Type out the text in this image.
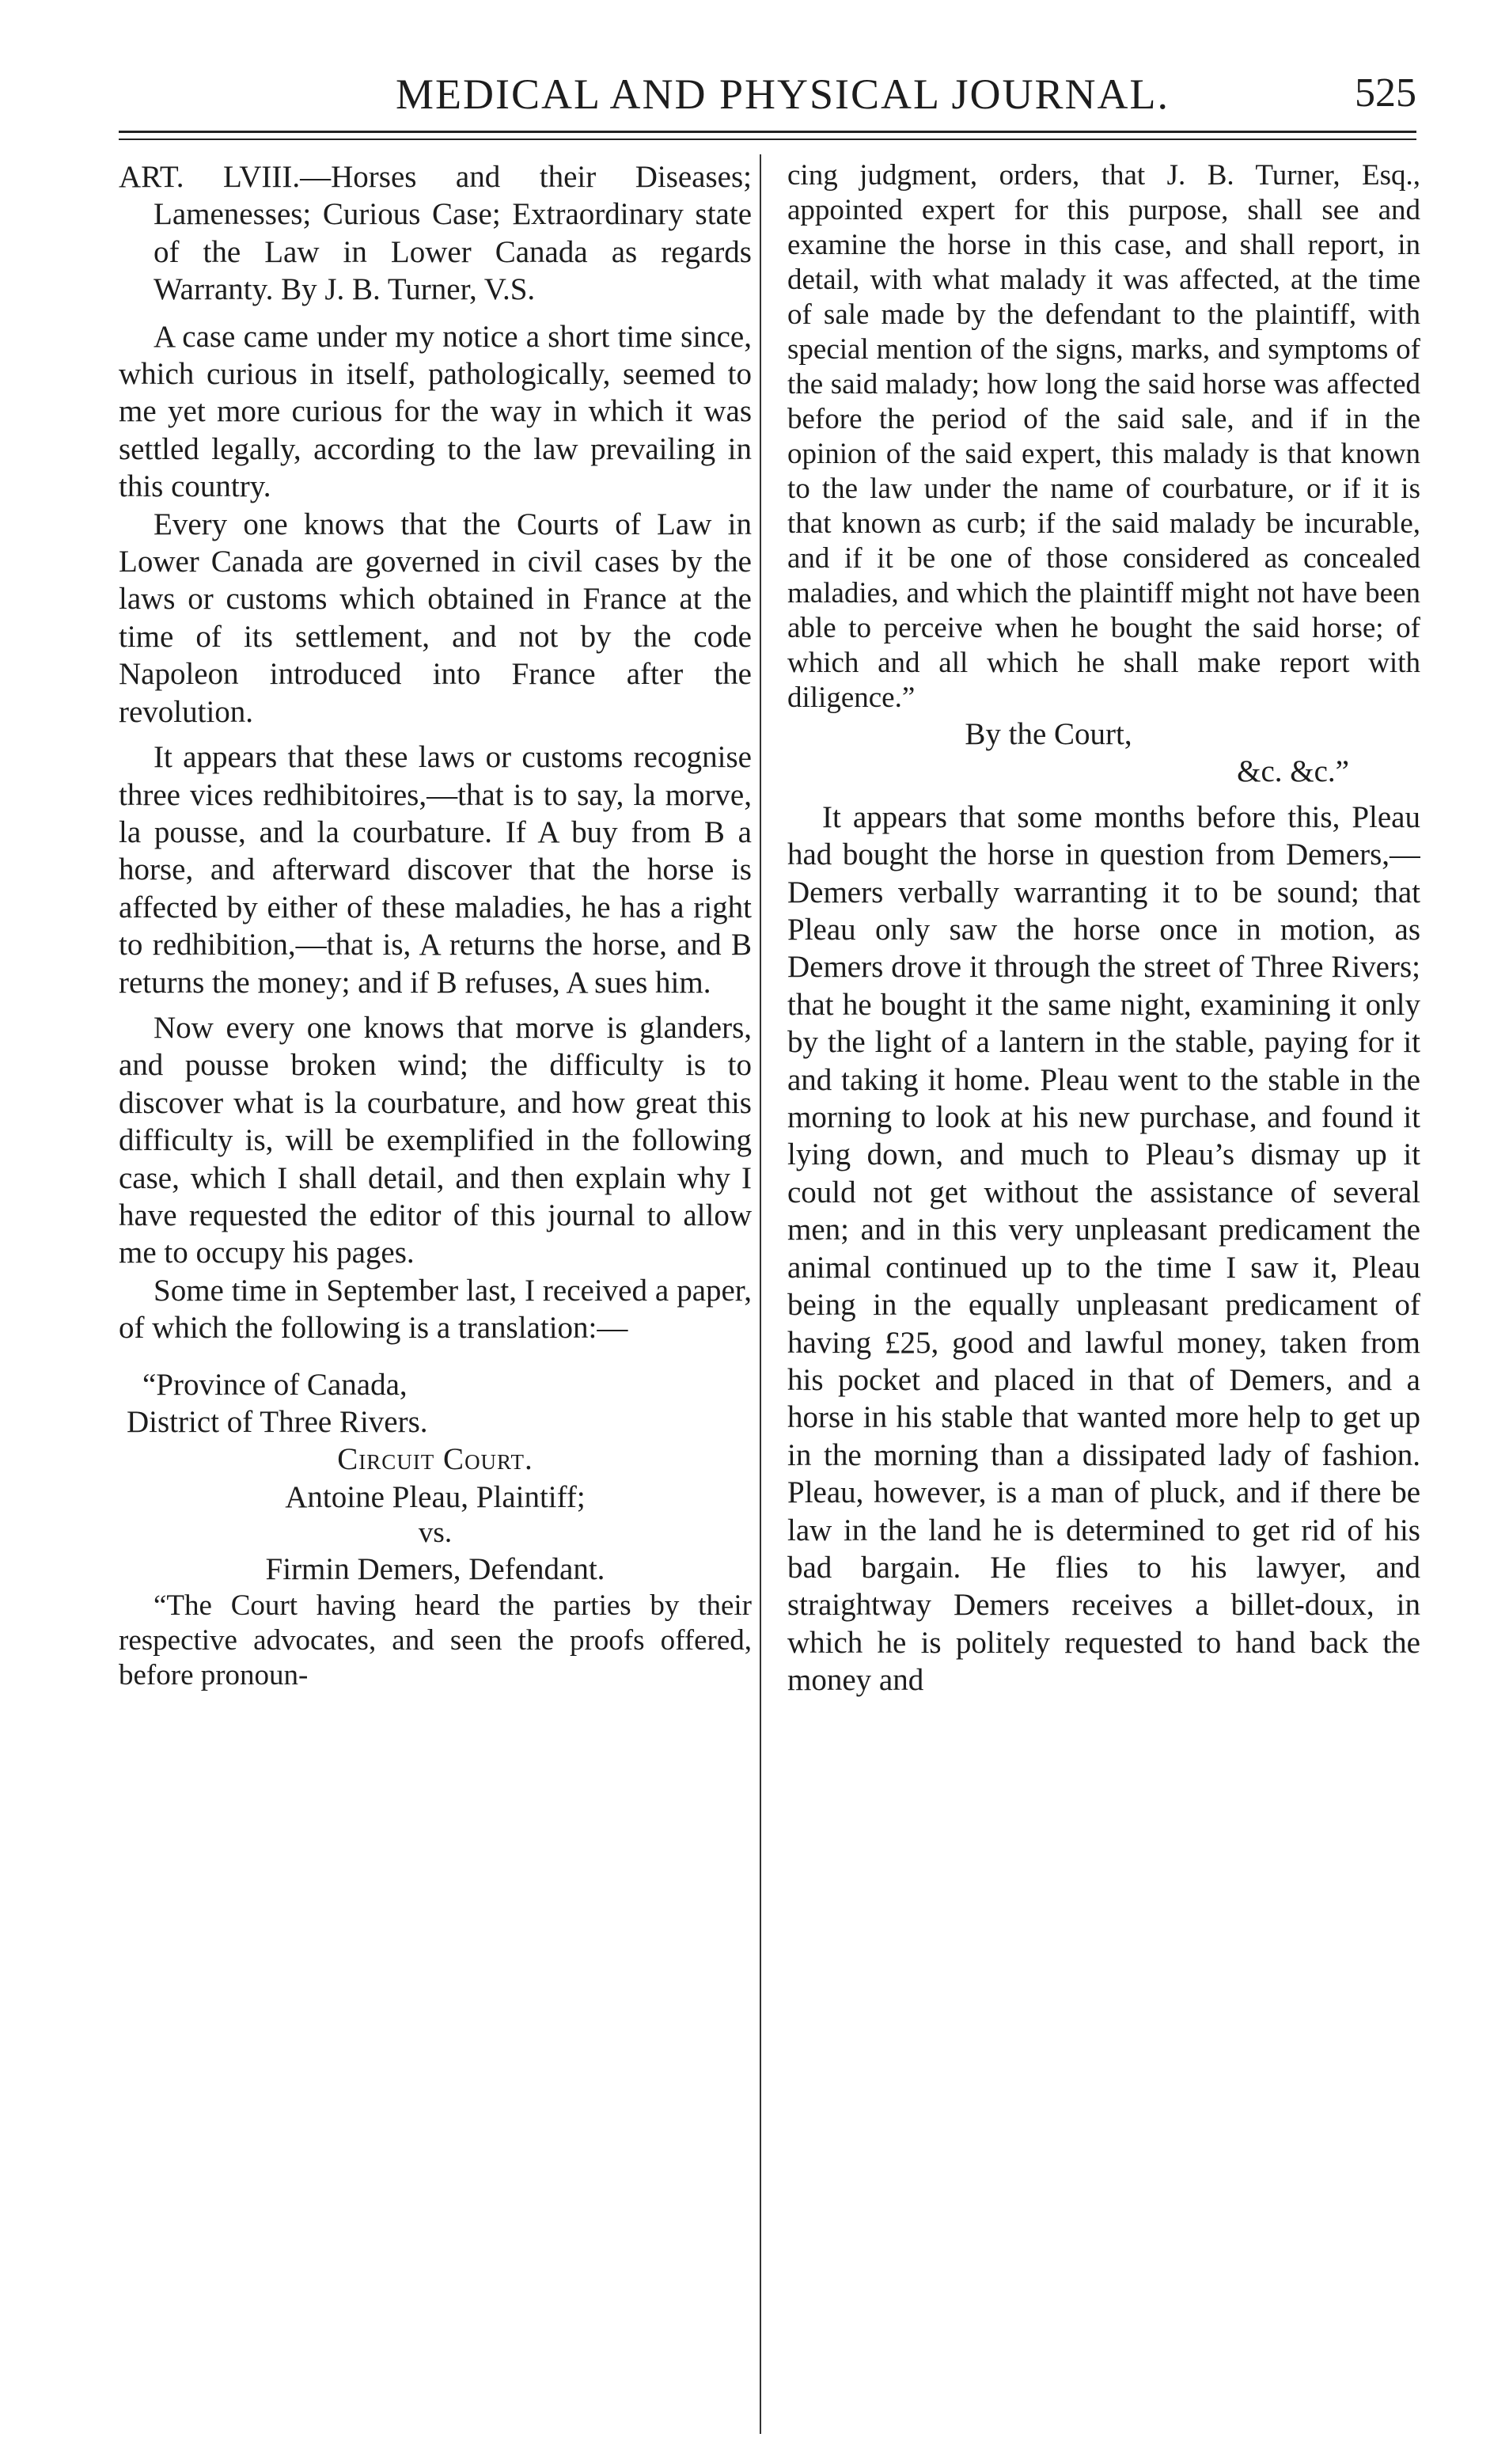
MEDICAL AND PHYSICAL JOURNAL.	525

ART. LVIII.—Horses and their Diseases; Lamenesses; Curious Case; Extraordinary state of the Law in Lower Canada as regards Warranty. By J. B. Turner, V.S.

A case came under my notice a short time since, which curious in itself, pathologically, seemed to me yet more curious for the way in which it was settled legally, according to the law prevailing in this country.

Every one knows that the Courts of Law in Lower Canada are governed in civil cases by the laws or customs which obtained in France at the time of its settlement, and not by the code Napoleon introduced into France after the revolution.

It appears that these laws or customs recognise three vices redhibitoires,—that is to say, la morve, la pousse, and la courbature. If A buy from B a horse, and afterward discover that the horse is affected by either of these maladies, he has a right to redhibition,—that is, A returns the horse, and B returns the money; and if B refuses, A sues him.

Now every one knows that morve is glanders, and pousse broken wind; the difficulty is to discover what is la courbature, and how great this difficulty is, will be exemplified in the following case, which I shall detail, and then explain why I have requested the editor of this journal to allow me to occupy his pages.

Some time in September last, I received a paper, of which the following is a translation:—

“Province of Canada,
District of Three Rivers.

Circuit Court.

Antoine Pleau, Plaintiff;

vs.

Firmin Demers, Defendant.

“The Court having heard the parties by their respective advocates, and seen the proofs offered, before pronoun-

cing judgment, orders, that J. B. Turner, Esq., appointed expert for this purpose, shall see and examine the horse in this case, and shall report, in detail, with what malady it was affected, at the time of sale made by the defendant to the plaintiff, with special mention of the signs, marks, and symptoms of the said malady; how long the said horse was affected before the period of the said sale, and if in the opinion of the said expert, this malady is that known to the law under the name of courbature, or if it is that known as curb; if the said malady be incurable, and if it be one of those considered as concealed maladies, and which the plaintiff might not have been able to perceive when he bought the said horse; of which and all which he shall make report with diligence.”

By the Court,

&c. &c.”

It appears that some months before this, Pleau had bought the horse in question from Demers,—Demers verbally warranting it to be sound; that Pleau only saw the horse once in motion, as Demers drove it through the street of Three Rivers; that he bought it the same night, examining it only by the light of a lantern in the stable, paying for it and taking it home. Pleau went to the stable in the morning to look at his new purchase, and found it lying down, and much to Pleau’s dismay up it could not get without the assistance of several men; and in this very unpleasant predicament the animal continued up to the time I saw it, Pleau being in the equally unpleasant predicament of having £25, good and lawful money, taken from his pocket and placed in that of Demers, and a horse in his stable that wanted more help to get up in the morning than a dissipated lady of fashion. Pleau, however, is a man of pluck, and if there be law in the land he is determined to get rid of his bad bargain. He flies to his lawyer, and straightway Demers receives a billet-doux, in which he is politely requested to hand back the money and
